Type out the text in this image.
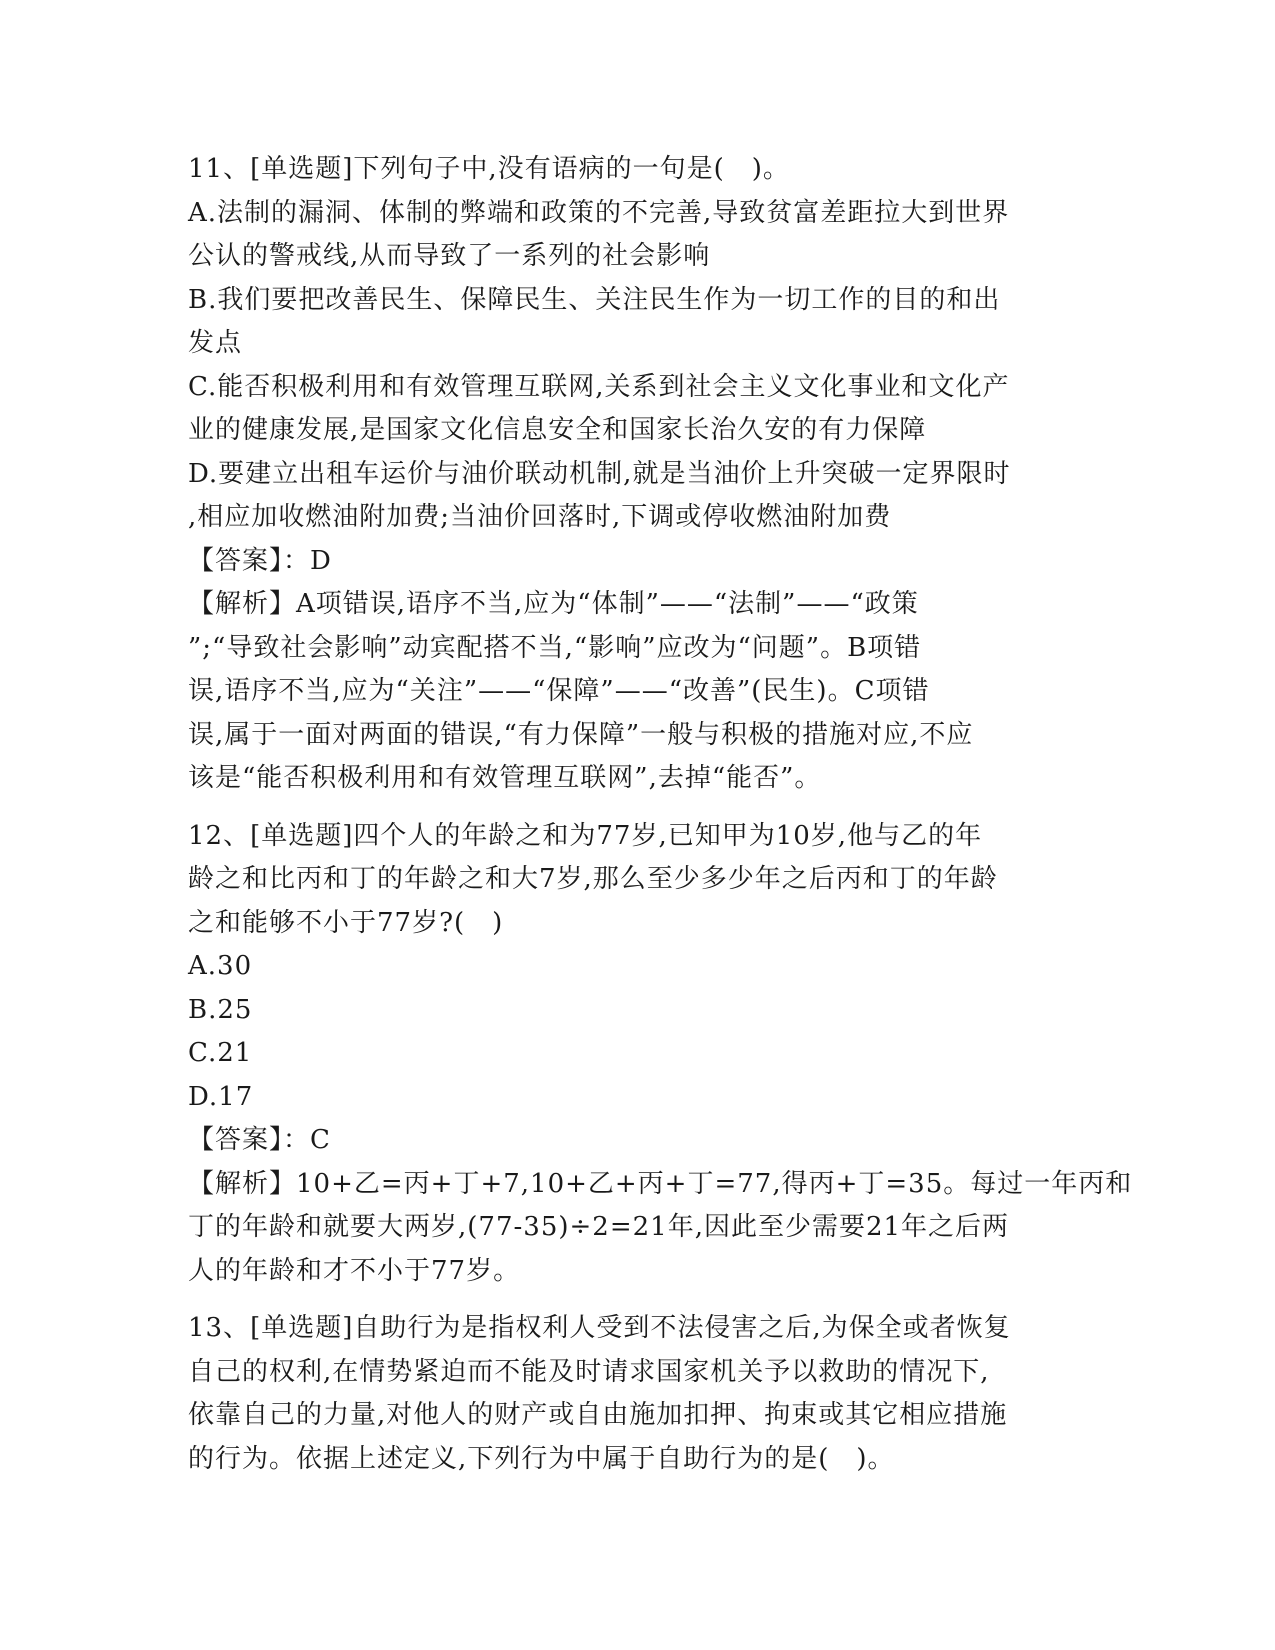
11、[单选题]下列句子中,没有语病的一句是(　)。
A.法制的漏洞、体制的弊端和政策的不完善,导致贫富差距拉大到世界
公认的警戒线,从而导致了一系列的社会影响
B.我们要把改善民生、保障民生、关注民生作为一切工作的目的和出
发点
C.能否积极利用和有效管理互联网,关系到社会主义文化事业和文化产
业的健康发展,是国家文化信息安全和国家长治久安的有力保障
D.要建立出租车运价与油价联动机制,就是当油价上升突破一定界限时
,相应加收燃油附加费;当油价回落时,下调或停收燃油附加费
【答案】：D
【解析】A项错误,语序不当,应为“体制”——“法制”——“政策
”;“导致社会影响”动宾配搭不当,“影响”应改为“问题”。B项错
误,语序不当,应为“关注”——“保障”——“改善”(民生)。C项错
误,属于一面对两面的错误,“有力保障”一般与积极的措施对应,不应
该是“能否积极利用和有效管理互联网”,去掉“能否”。
12、[单选题]四个人的年龄之和为77岁,已知甲为10岁,他与乙的年
龄之和比丙和丁的年龄之和大7岁,那么至少多少年之后丙和丁的年龄
之和能够不小于77岁?(　)
A.30
B.25
C.21
D.17
【答案】：C
【解析】10+乙=丙+丁+7,10+乙+丙+丁=77,得丙+丁=35。每过一年丙和
丁的年龄和就要大两岁,(77-35)÷2=21年,因此至少需要21年之后两
人的年龄和才不小于77岁。
13、[单选题]自助行为是指权利人受到不法侵害之后,为保全或者恢复
自己的权利,在情势紧迫而不能及时请求国家机关予以救助的情况下,
依靠自己的力量,对他人的财产或自由施加扣押、拘束或其它相应措施
的行为。依据上述定义,下列行为中属于自助行为的是(　)。
